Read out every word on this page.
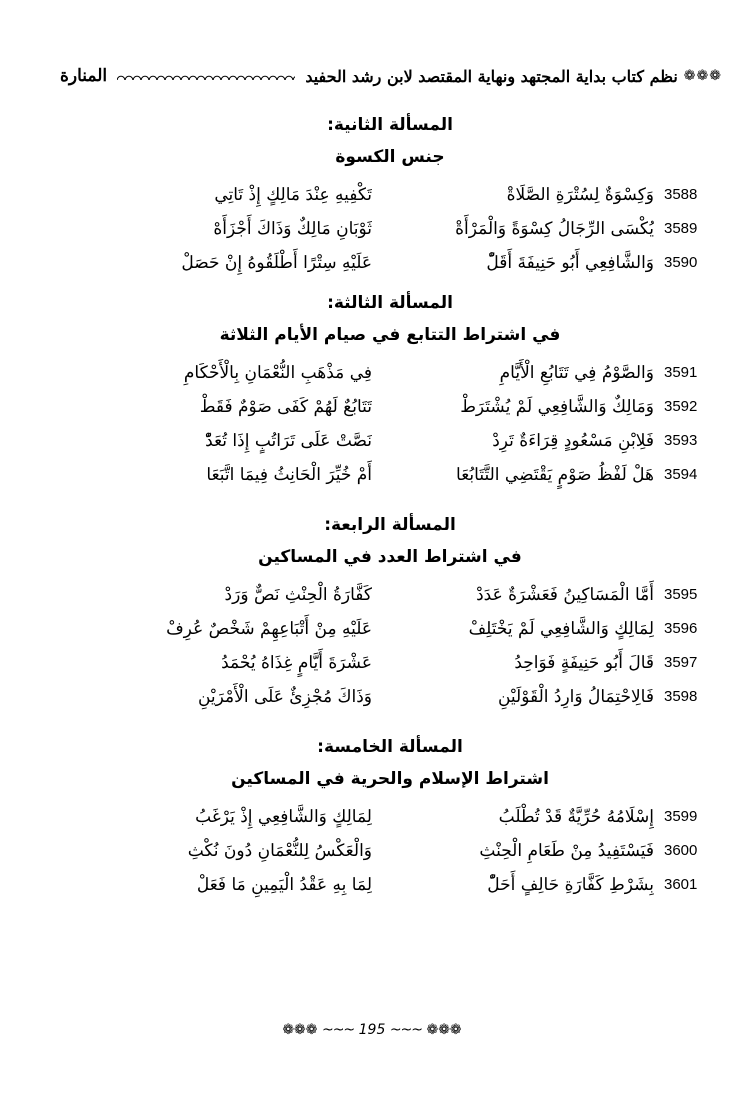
❁❁❁
نظم كتاب بداية المجتهد ونهاية المقتصد لابن رشد الحفيد
المنارة
المسألة الثانية:
جنس الكسوة
3588
وَكِسْوَةٌ لِسُتْرَةِ الصَّلَاةْ
تَكْفِيهِ عِنْدَ مَالِكٍ إِذْ تَاتِي
3589
يُكْسَى الرِّجَالُ كِسْوَةً وَالْمَرْأَةْ
ثَوْبَانِ مَالِكٌ وَذَاكَ أَجْزَأَهْ
3590
وَالشَّافِعِي أَبُو حَنِيفَةَ أَقَلّْ
عَلَيْهِ سِتْرًا أَطْلَقُوهُ إِنْ حَصَلْ
المسألة الثالثة:
في اشتراط التتابع في صيام الأيام الثلاثة
3591
وَالصَّوْمُ فِي تَتَابُعِ الْأَيَّامِ
فِي مَذْهَبِ النُّعْمَانِ بِالْأَحْكَامِ
3592
وَمَالِكٌ وَالشَّافِعِي لَمْ يُشْتَرَطْ
تَتَابُعٌ لَهُمْ كَفَى صَوْمٌ فَقَطْ
3593
فَلِابْنِ مَسْعُودٍ قِرَاءَةٌ تَرِدْ
نَصَّتْ عَلَى تَرَاتُبٍ إِذَا تُعَدّْ
3594
هَلْ لَفْظُ صَوْمٍ يَقْتَضِي التَّتَابُعَا
أَمْ خُيِّرَ الْحَانِثُ فِيمَا اتَّبَعَا
المسألة الرابعة:
في اشتراط العدد في المساكين
3595
أَمَّا الْمَسَاكِينُ فَعَشْرَةٌ عَدَدْ
كَفَّارَةُ الْحِنْثِ نَصٌّ وَرَدْ
3596
لِمَالِكٍ وَالشَّافِعِي لَمْ يَخْتَلِفْ
عَلَيْهِ مِنْ أَتْبَاعِهِمْ شَخْصٌ عُرِفْ
3597
قَالَ أَبُو حَنِيفَةٍ فَوَاحِدُ
عَشْرَةَ أَيَّامٍ غِذَاهُ يُحْمَدُ
3598
فَالِاحْتِمَالُ وَارِدُ الْقَوْلَيْنِ
وَذَاكَ مُجْزِئٌ عَلَى الْأَمْرَيْنِ
المسألة الخامسة:
اشتراط الإسلام والحرية في المساكين
3599
إِسْلَامُهُ حُرِّيَّةٌ قَدْ تُطْلَبُ
لِمَالِكٍ وَالشَّافِعِي إِذْ يَرْغَبُ
3600
فَيَسْتَفِيدُ مِنْ طَعَامِ الْحِنْثِ
وَالْعَكْسُ لِلنُّعْمَانِ دُونَ نُكْثِ
3601
بِشَرْطِ كَفَّارَةِ حَالِفٍ أَحَلّْ
لِمَا بِهِ عَقْدُ الْيَمِينِ مَا فَعَلْ
❁❁❁ ~~~ 195 ~~~ ❁❁❁
